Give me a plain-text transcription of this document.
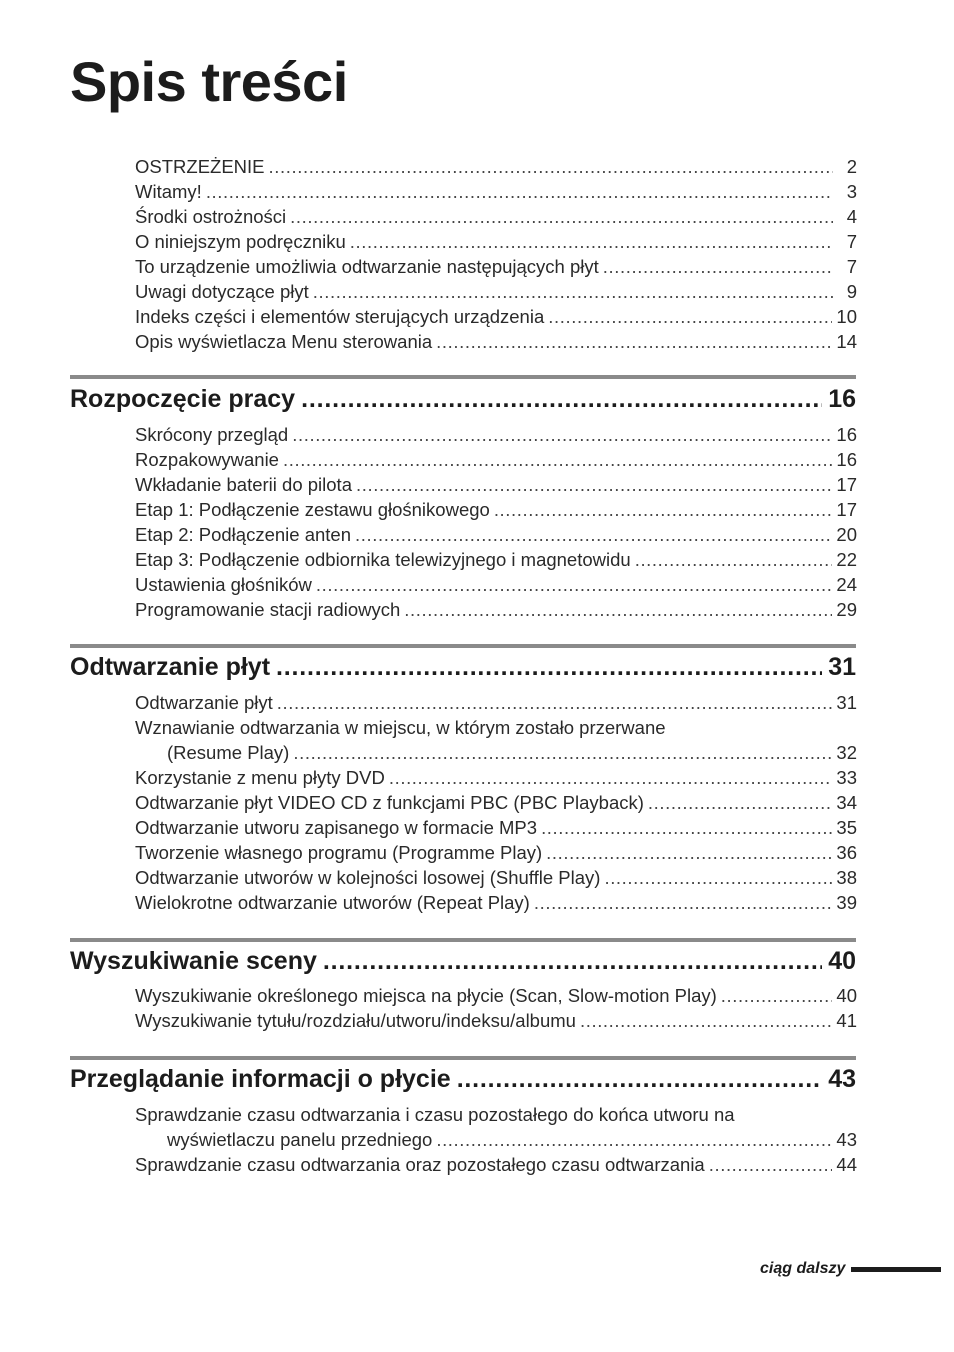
Spis treści
OSTRZEŻENIE .....	2
Witamy! .....	3
Środki ostrożności .....	4
O niniejszym podręczniku .....	7
To urządzenie umożliwia odtwarzanie następujących płyt .....	7
Uwagi dotyczące płyt .....	9
Indeks części i elementów sterujących urządzenia .....	10
Opis wyświetlacza Menu sterowania .....	14
Rozpoczęcie pracy .....	16
Skrócony przegląd .....	16
Rozpakowywanie .....	16
Wkładanie baterii do pilota .....	17
Etap 1: Podłączenie zestawu głośnikowego .....	17
Etap 2: Podłączenie anten .....	20
Etap 3: Podłączenie odbiornika telewizyjnego i magnetowidu .....	22
Ustawienia głośników .....	24
Programowanie stacji radiowych .....	29
Odtwarzanie płyt .....	31
Odtwarzanie płyt .....	31
Wznawianie odtwarzania w miejscu, w którym zostało przerwane
(Resume Play) .....	32
Korzystanie z menu płyty DVD .....	33
Odtwarzanie płyt VIDEO CD z funkcjami PBC (PBC Playback) .....	34
Odtwarzanie utworu zapisanego w formacie MP3 .....	35
Tworzenie własnego programu (Programme Play) .....	36
Odtwarzanie utworów w kolejności losowej (Shuffle Play) .....	38
Wielokrotne odtwarzanie utworów (Repeat Play) .....	39
Wyszukiwanie sceny .....	40
Wyszukiwanie określonego miejsca na płycie (Scan, Slow-motion Play) .....	40
Wyszukiwanie tytułu/rozdziału/utworu/indeksu/albumu .....	41
Przeglądanie informacji o płycie .....	43
Sprawdzanie czasu odtwarzania i czasu pozostałego do końca utworu na
wyświetlaczu panelu przedniego .....	43
Sprawdzanie czasu odtwarzania oraz pozostałego czasu odtwarzania .....	44
ciąg dalszy
